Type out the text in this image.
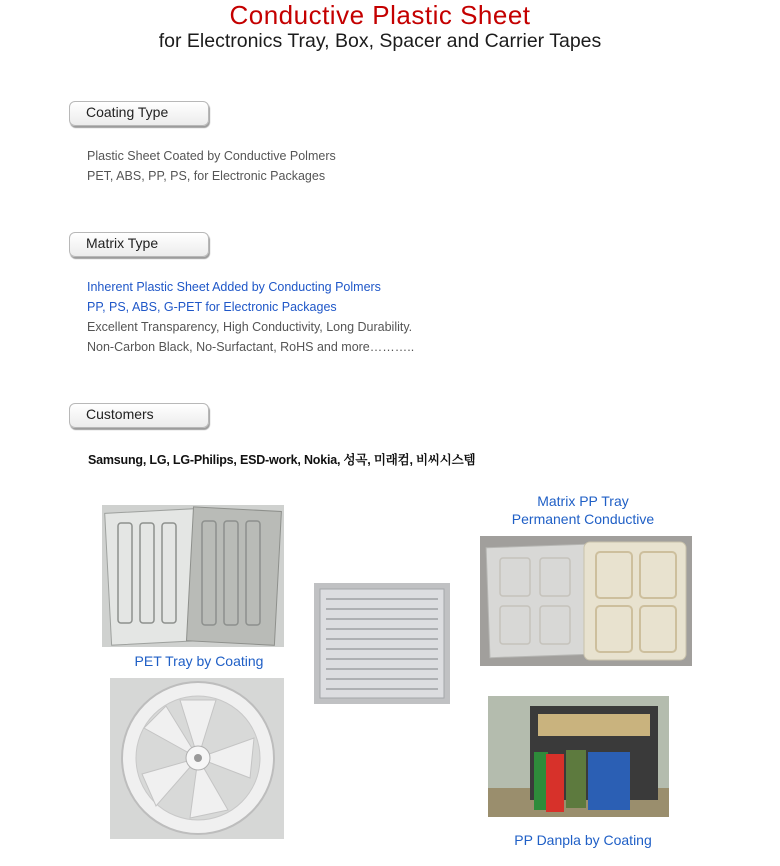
Conductive Plastic Sheet
for Electronics Tray, Box, Spacer and Carrier Tapes
Coating Type
Plastic Sheet Coated by Conductive Polmers
PET, ABS, PP, PS, for Electronic Packages
Matrix Type
Inherent Plastic Sheet Added by Conducting Polmers
PP, PS, ABS, G-PET for Electronic Packages
Excellent Transparency, High Conductivity, Long Durability.
Non-Carbon Black, No-Surfactant, RoHS and more………..
Customers
Samsung, LG, LG-Philips, ESD-work, Nokia, 성곡, 미래컴, 비씨시스템
PET Tray by Coating
Matrix PP Tray
Permanent Conductive
PP Danpla by Coating
